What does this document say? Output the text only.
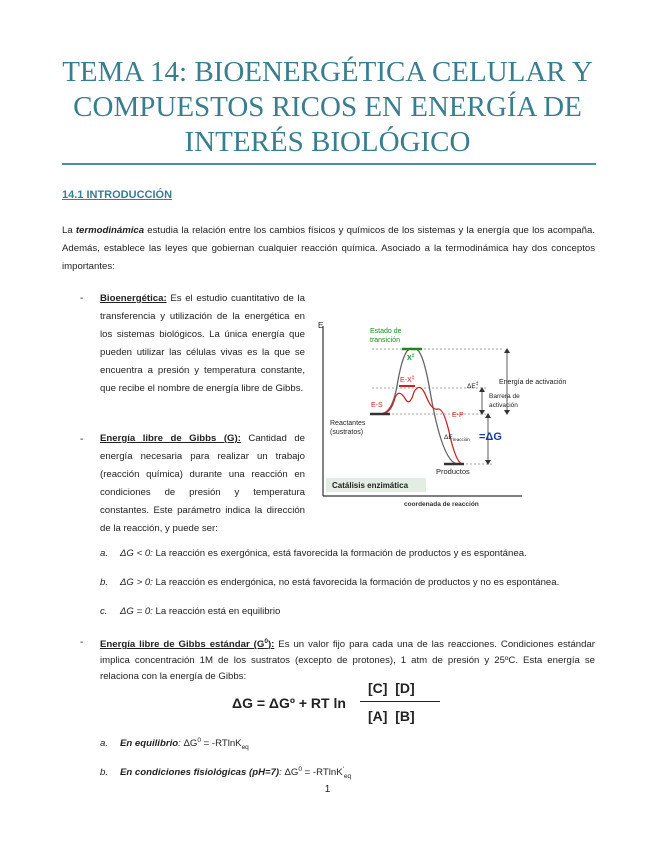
TEMA 14: BIOENERGÉTICA CELULAR Y
COMPUESTOS RICOS EN ENERGÍA DE
INTERÉS BIOLÓGICO
14.1 INTRODUCCIÓN
La termodinámica estudia la relación entre los cambios físicos y químicos de los sistemas y la energía que los acompaña. Además, establece las leyes que gobiernan cualquier reacción química. Asociado a la termodinámica hay dos conceptos importantes:
- Bioenergética: Es el estudio cuantitativo de la transferencia y utilización de la energética en los sistemas biológicos. La única energía que pueden utilizar las células vivas es la que se encuentra a presión y temperatura constante, que recibe el nombre de energía libre de Gibbs.
- Energía libre de Gibbs (G): Cantidad de energía necesaria para realizar un trabajo (reacción química) durante una reacción en condiciones de presión y temperatura constantes. Este parámetro indica la dirección de la reacción, y puede ser:
E
coordenada de reacción
Estado de
transición
X‡
E-X‡
E-S
E-P
ΔE‡
Barrera de
activación
Energía de activación
Reactantes
(sustratos)
Productos
$\Delta E_{reacción} =\Delta G$
Catálisis enzimática
a. ΔG < 0: La reacción es exergónica, está favorecida la formación de productos y es espontánea.
b. ΔG > 0: La reacción es endergónica, no está favorecida la formación de productos y no es espontánea.
c. ΔG = 0: La reacción está en equilibrio
- Energía libre de Gibbs estándar $(G^0)$: Es un valor fijo para cada una de las reacciones. Condiciones estándar implica concentración 1M de los sustratos (excepto de protones), 1 atm de presión y 25ºC. Esta energía se relaciona con la energía de Gibbs:
ΔG = ΔGº + RT ln
[C]  [D]
[A]  [B]
a. En equilibrio: $\Delta G^0 = -RTlnK_{eq}$
b. En condiciones fisiológicas (pH=7): $\Delta G^0 = -RTlnK'_{eq}$
1
